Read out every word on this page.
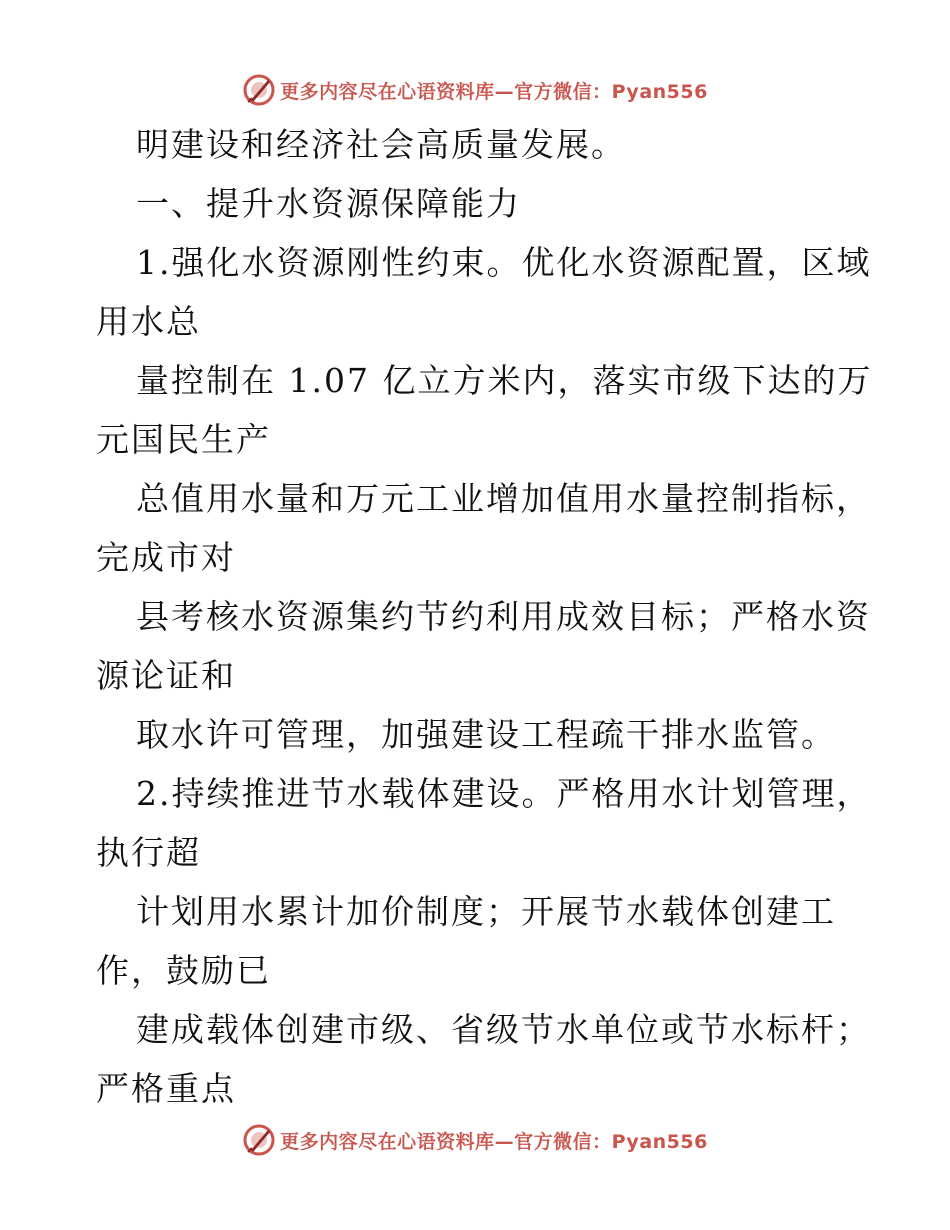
更多内容尽在心语资料库—官方微信：Pyan556
明建设和经济社会高质量发展。
一、提升水资源保障能力
1.强化水资源刚性约束。优化水资源配置，区域
用水总
量控制在 1.07 亿立方米内，落实市级下达的万
元国民生产
总值用水量和万元工业增加值用水量控制指标，
完成市对
县考核水资源集约节约利用成效目标；严格水资
源论证和
取水许可管理，加强建设工程疏干排水监管。
2.持续推进节水载体建设。严格用水计划管理，
执行超
计划用水累计加价制度；开展节水载体创建工
作，鼓励已
建成载体创建市级、省级节水单位或节水标杆；
严格重点
更多内容尽在心语资料库—官方微信：Pyan556
